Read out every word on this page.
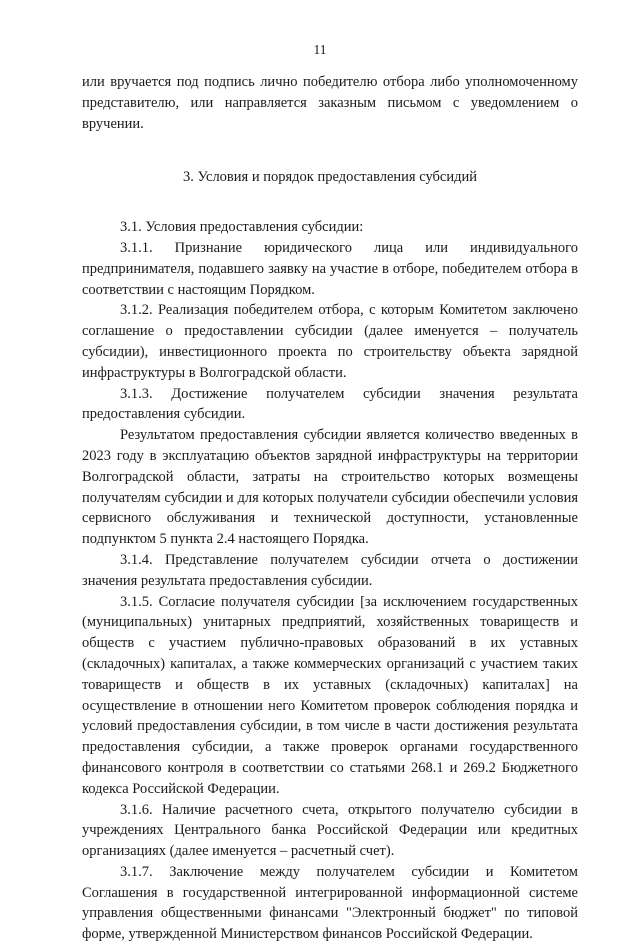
11

или вручается под подпись лично победителю отбора либо уполномоченному представителю, или направляется заказным письмом с уведомлением о вручении.

3. Условия и порядок предоставления субсидий

3.1. Условия предоставления субсидии:

3.1.1. Признание юридического лица или индивидуального предпринимателя, подавшего заявку на участие в отборе, победителем отбора в соответствии с настоящим Порядком.

3.1.2. Реализация победителем отбора, с которым Комитетом заключено соглашение о предоставлении субсидии (далее именуется – получатель субсидии), инвестиционного проекта по строительству объекта зарядной инфраструктуры в Волгоградской области.

3.1.3. Достижение получателем субсидии значения результата предоставления субсидии.

Результатом предоставления субсидии является количество введенных в 2023 году в эксплуатацию объектов зарядной инфраструктуры на территории Волгоградской области, затраты на строительство которых возмещены получателям субсидии и для которых получатели субсидии обеспечили условия сервисного обслуживания и технической доступности, установленные подпунктом 5 пункта 2.4 настоящего Порядка.

3.1.4. Представление получателем субсидии отчета о достижении значения результата предоставления субсидии.

3.1.5. Согласие получателя субсидии [за исключением государственных (муниципальных) унитарных предприятий, хозяйственных товариществ и обществ с участием публично-правовых образований в их уставных (складочных) капиталах, а также коммерческих организаций с участием таких товариществ и обществ в их уставных (складочных) капиталах] на осуществление в отношении него Комитетом проверок соблюдения порядка и условий предоставления субсидии, в том числе в части достижения результата предоставления субсидии, а также проверок органами государственного финансового контроля в соответствии со статьями 268.1 и 269.2 Бюджетного кодекса Российской Федерации.

3.1.6. Наличие расчетного счета, открытого получателю субсидии в учреждениях Центрального банка Российской Федерации или кредитных организациях (далее именуется – расчетный счет).

3.1.7. Заключение между получателем субсидии и Комитетом Соглашения в государственной интегрированной информационной системе управления общественными финансами "Электронный бюджет" по типовой форме, утвержденной Министерством финансов Российской Федерации.
